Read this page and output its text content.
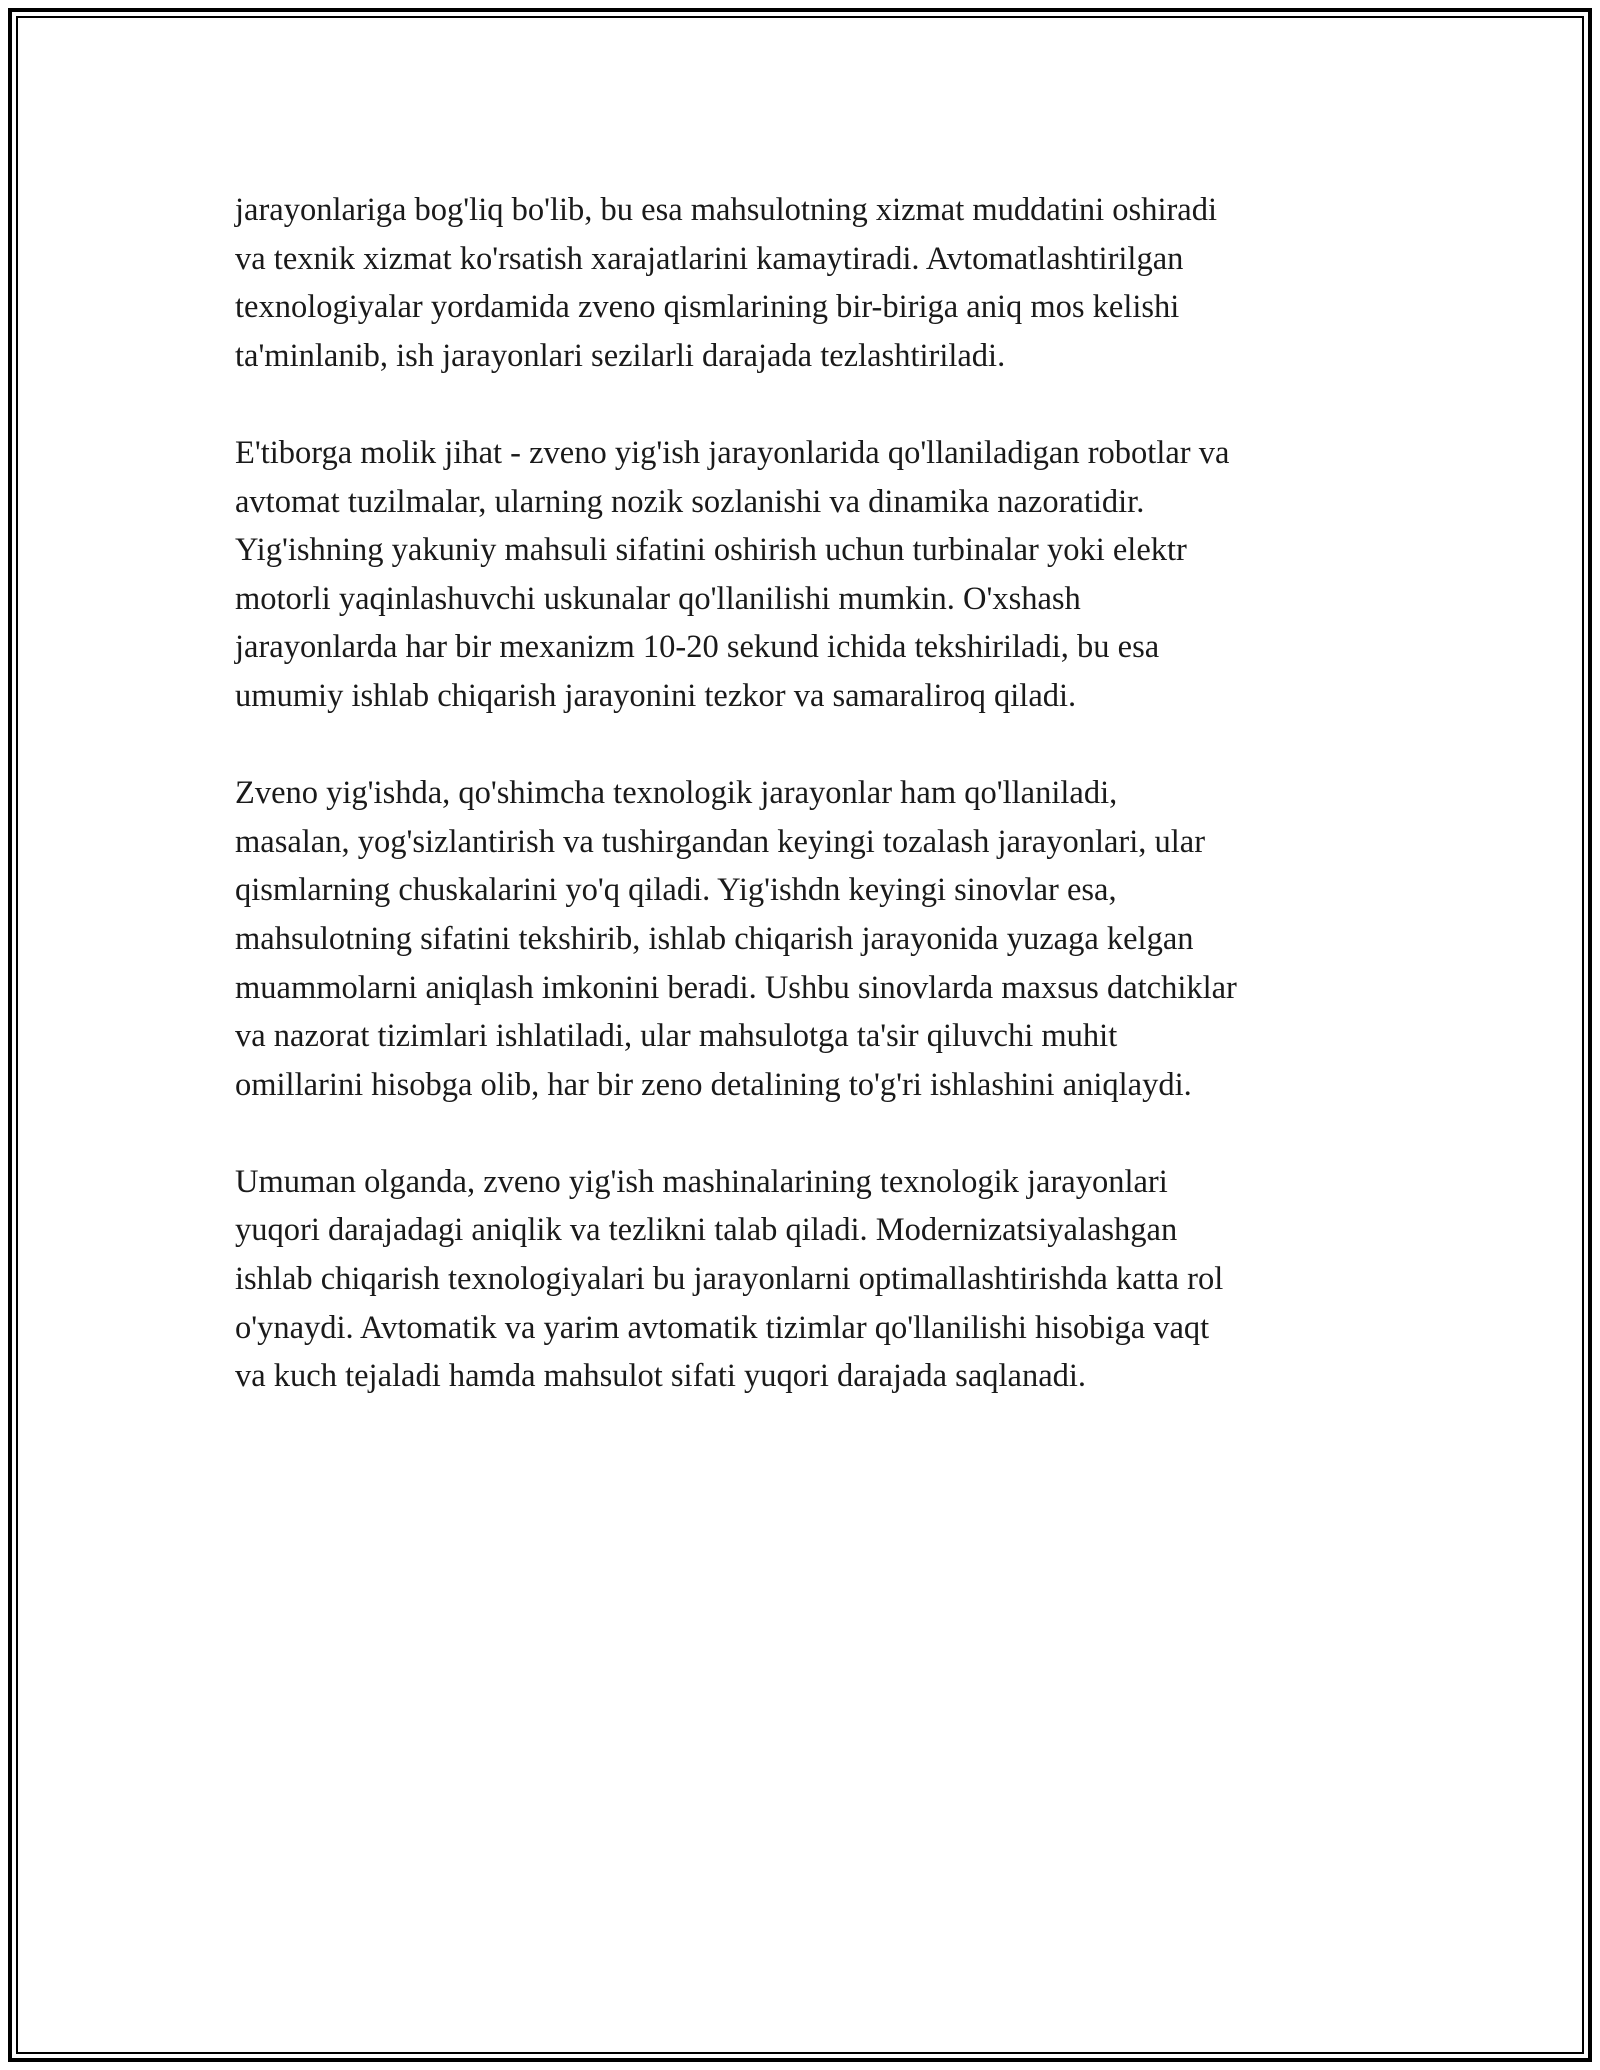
jarayonlariga bog'liq bo'lib, bu esa mahsulotning xizmat muddatini oshiradi
va texnik xizmat ko'rsatish xarajatlarini kamaytiradi. Avtomatlashtirilgan
texnologiyalar yordamida zveno qismlarining bir-biriga aniq mos kelishi
ta'minlanib, ish jarayonlari sezilarli darajada tezlashtiriladi.

E'tiborga molik jihat - zveno yig'ish jarayonlarida qo'llaniladigan robotlar va
avtomat tuzilmalar, ularning nozik sozlanishi va dinamika nazoratidir.
Yig'ishning yakuniy mahsuli sifatini oshirish uchun turbinalar yoki elektr
motorli yaqinlashuvchi uskunalar qo'llanilishi mumkin. O'xshash
jarayonlarda har bir mexanizm 10-20 sekund ichida tekshiriladi, bu esa
umumiy ishlab chiqarish jarayonini tezkor va samaraliroq qiladi.

Zveno yig'ishda, qo'shimcha texnologik jarayonlar ham qo'llaniladi,
masalan, yog'sizlantirish va tushirgandan keyingi tozalash jarayonlari, ular
qismlarning chuskalarini yo'q qiladi. Yig'ishdn keyingi sinovlar esa,
mahsulotning sifatini tekshirib, ishlab chiqarish jarayonida yuzaga kelgan
muammolarni aniqlash imkonini beradi. Ushbu sinovlarda maxsus datchiklar
va nazorat tizimlari ishlatiladi, ular mahsulotga ta'sir qiluvchi muhit
omillarini hisobga olib, har bir zeno detalining to'g'ri ishlashini aniqlaydi.

Umuman olganda, zveno yig'ish mashinalarining texnologik jarayonlari
yuqori darajadagi aniqlik va tezlikni talab qiladi. Modernizatsiyalashgan
ishlab chiqarish texnologiyalari bu jarayonlarni optimallashtirishda katta rol
o'ynaydi. Avtomatik va yarim avtomatik tizimlar qo'llanilishi hisobiga vaqt
va kuch tejaladi hamda mahsulot sifati yuqori darajada saqlanadi.
